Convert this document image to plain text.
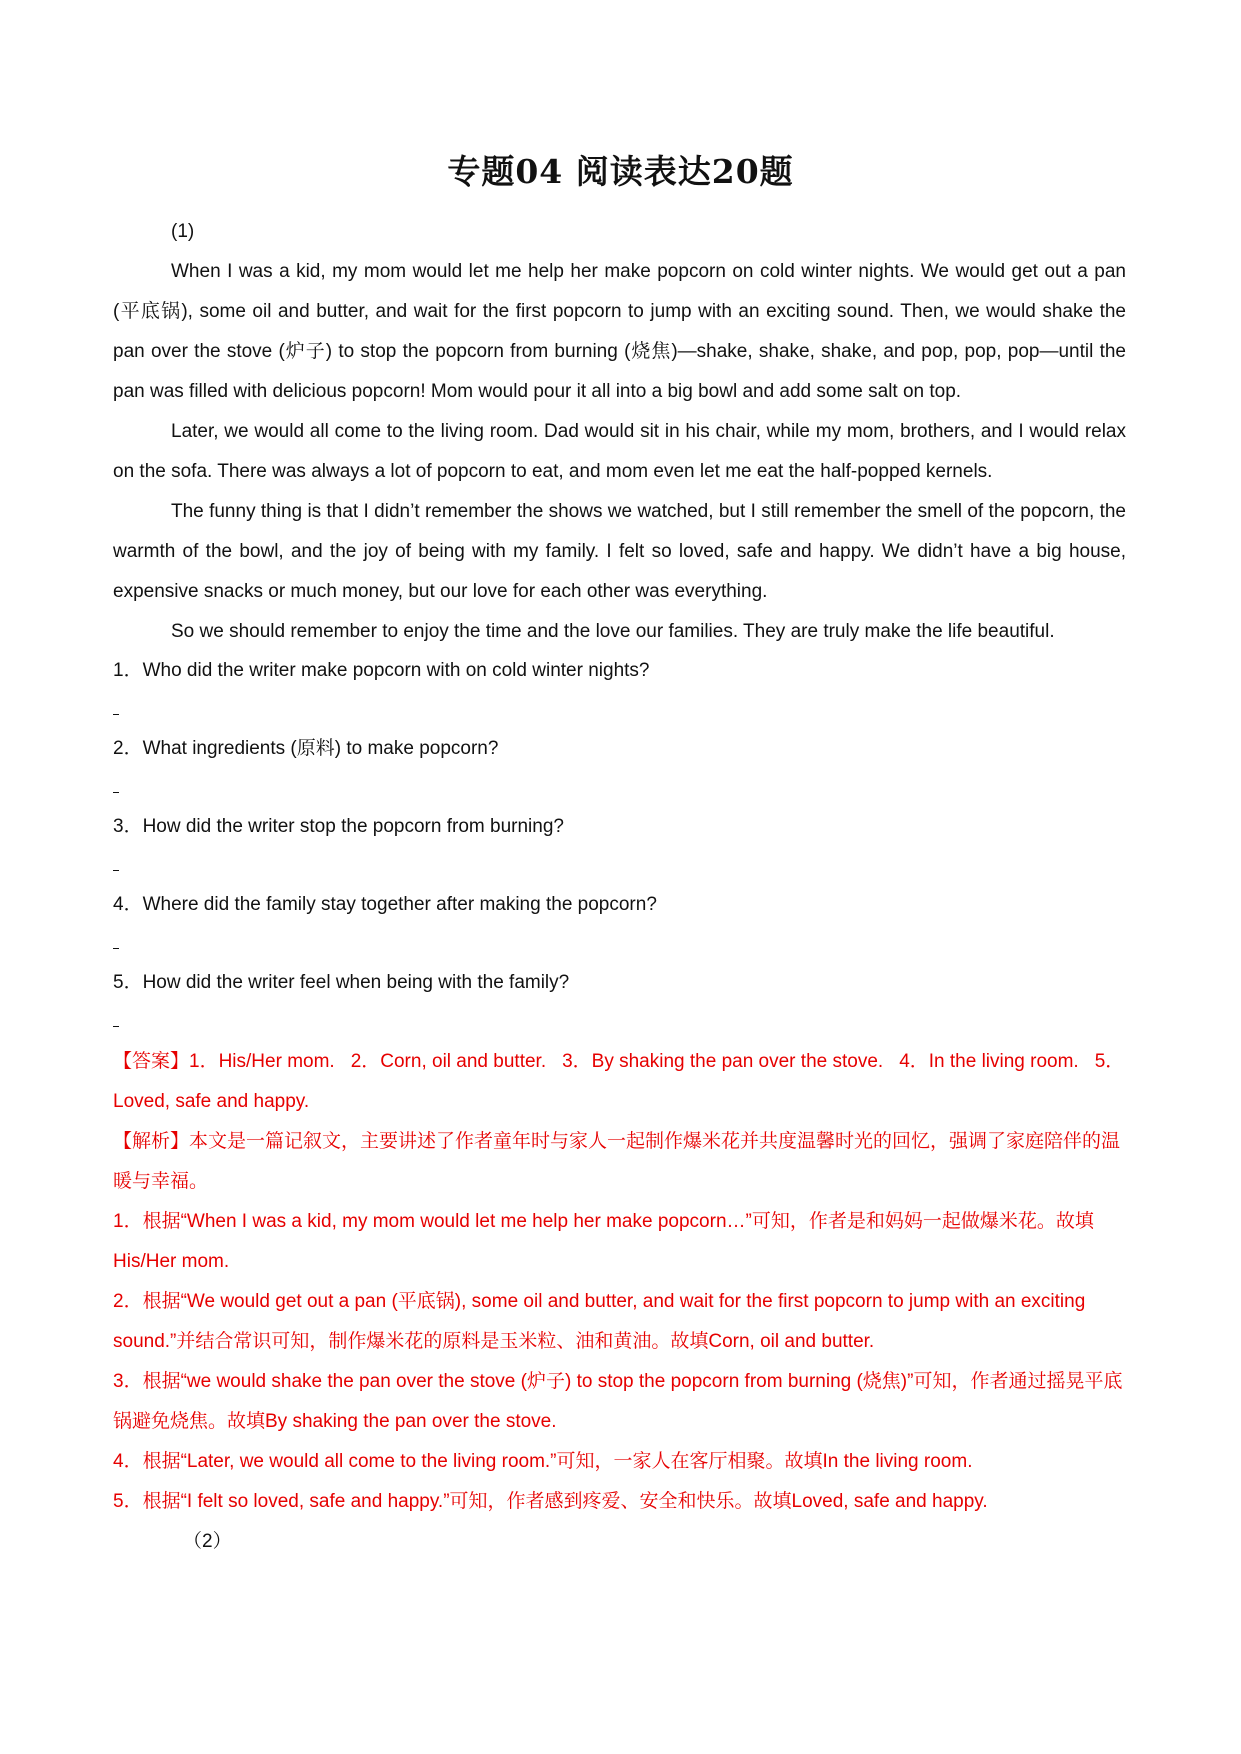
专题04 阅读表达20题

(1)

When I was a kid, my mom would let me help her make popcorn on cold winter nights. We would get out a pan (平底锅), some oil and butter, and wait for the first popcorn to jump with an exciting sound. Then, we would shake the pan over the stove (炉子) to stop the popcorn from burning (烧焦)—shake, shake, shake, and pop, pop, pop—until the pan was filled with delicious popcorn! Mom would pour it all into a big bowl and add some salt on top.

Later, we would all come to the living room. Dad would sit in his chair, while my mom, brothers, and I would relax on the sofa. There was always a lot of popcorn to eat, and mom even let me eat the half-popped kernels.

The funny thing is that I didn’t remember the shows we watched, but I still remember the smell of the popcorn, the warmth of the bowl, and the joy of being with my family. I felt so loved, safe and happy. We didn’t have a big house, expensive snacks or much money, but our love for each other was everything.

So we should remember to enjoy the time and the love our families. They are truly make the life beautiful.

1．Who did the writer make popcorn with on cold winter nights?

2．What ingredients (原料) to make popcorn?

3．How did the writer stop the popcorn from burning?

4．Where did the family stay together after making the popcorn?

5．How did the writer feel when being with the family?

【答案】1．His/Her mom. 2．Corn, oil and butter. 3．By shaking the pan over the stove. 4．In the living room. 5．Loved, safe and happy.

【解析】本文是一篇记叙文，主要讲述了作者童年时与家人一起制作爆米花并共度温馨时光的回忆，强调了家庭陪伴的温暖与幸福。

1．根据“When I was a kid, my mom would let me help her make popcorn…”可知，作者是和妈妈一起做爆米花。故填His/Her mom.

2．根据“We would get out a pan (平底锅), some oil and butter, and wait for the first popcorn to jump with an exciting sound.”并结合常识可知，制作爆米花的原料是玉米粒、油和黄油。故填Corn, oil and butter.

3．根据“we would shake the pan over the stove (炉子) to stop the popcorn from burning (烧焦)”可知，作者通过摇晃平底锅避免烧焦。故填By shaking the pan over the stove.

4．根据“Later, we would all come to the living room.”可知，一家人在客厅相聚。故填In the living room.

5．根据“I felt so loved, safe and happy.”可知，作者感到疼爱、安全和快乐。故填Loved, safe and happy.

（2）
